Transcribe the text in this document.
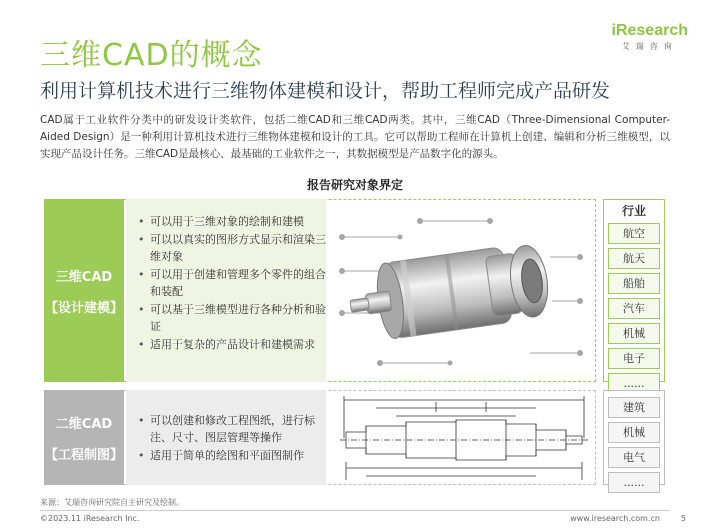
三维CAD的概念
利用计算机技术进行三维物体建模和设计，帮助工程师完成产品研发
iResearch
艾瑞咨询
CAD属于工业软件分类中的研发设计类软件，包括二维CAD和三维CAD两类。其中，三维CAD（Three-Dimensional Computer-Aided Design）是一种利用计算机技术进行三维物体建模和设计的工具。它可以帮助工程师在计算机上创建、编辑和分析三维模型，以实现产品设计任务。三维CAD是最核心、最基础的工业软件之一，其数据模型是产品数字化的源头。
报告研究对象界定
三维CAD
【设计建模】
• 可以用于三维对象的绘制和建模
• 可以以真实的图形方式显示和渲染三维对象
• 可以用于创建和管理多个零件的组合和装配
• 可以基于三维模型进行各种分析和验证
• 适用于复杂的产品设计和建模需求
行业
航空
航天
船舶
汽车
机械
电子
......
二维CAD
【工程制图】
• 可以创建和修改工程图纸，进行标注、尺寸、图层管理等操作
• 适用于简单的绘图和平面图制作
建筑
机械
电气
......
来源：艾瑞咨询研究院自主研究及绘制。
©2023.11 iResearch Inc.	www.iresearch.com.cn	5
